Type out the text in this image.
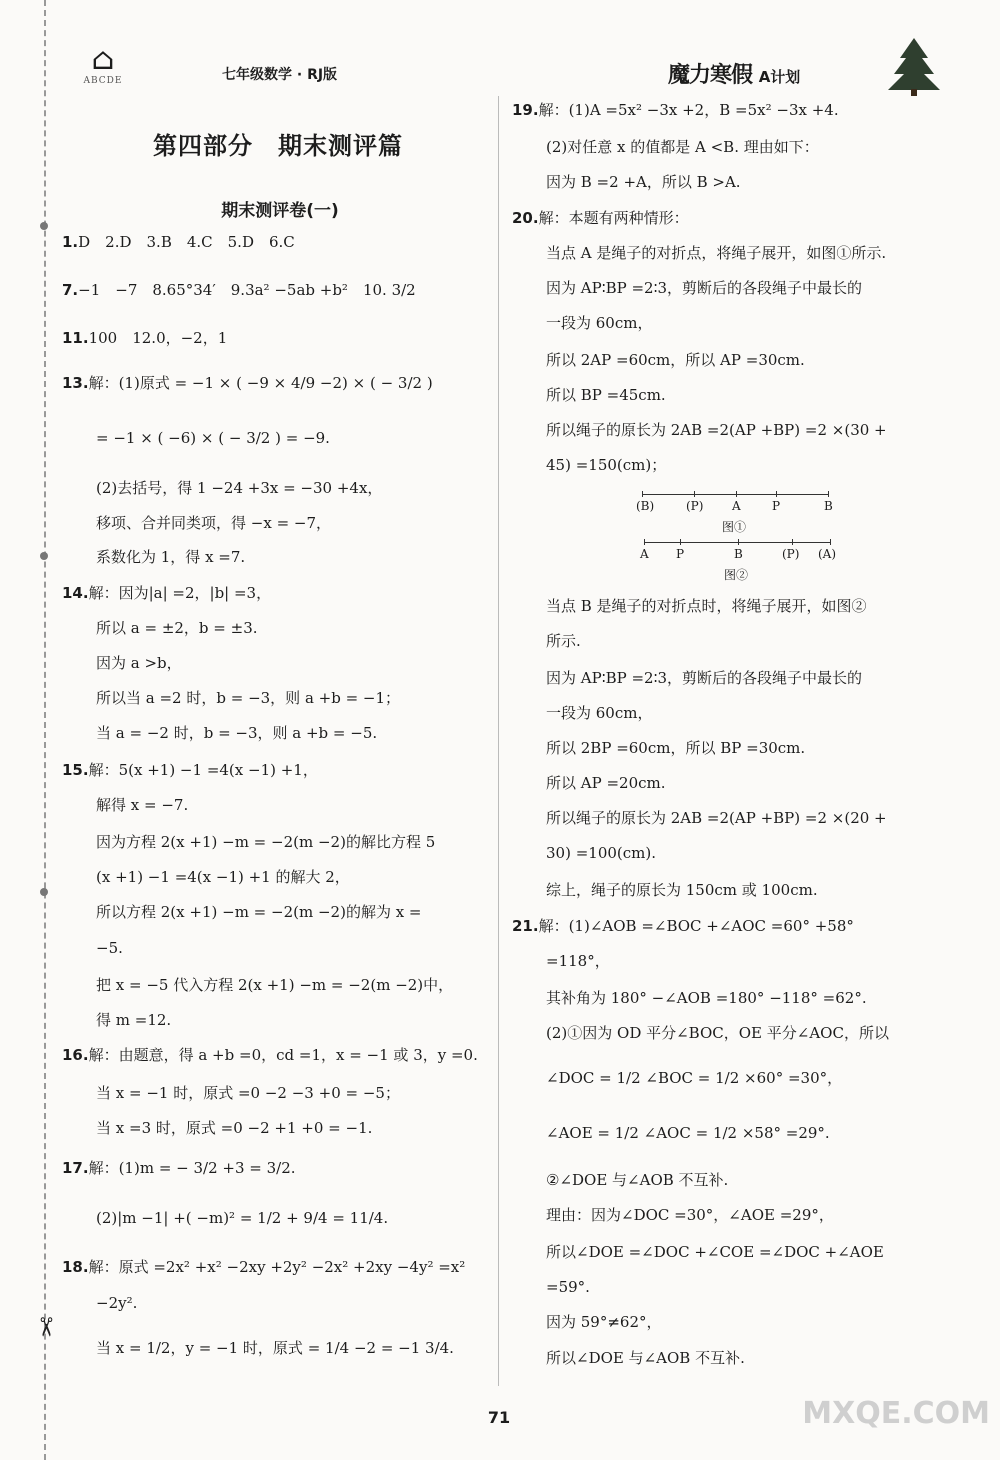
✂
⌂
ABCDE	七年级数学 · RJ版	魔力寒假 A计划
第四部分　期末测评篇
期末测评卷(一)
1.D　2.D　3.B　4.C　5.D　6.C
7.−1　−7　8.65°34′　9.3a² −5ab +b²　10. 3/2
11.100　12.0，−2，1
13.解：(1)原式 = −1 × ( −9 × 4/9 −2) × ( − 3/2 )
= −1 × ( −6) × ( − 3/2 ) = −9.
(2)去括号，得 1 −24 +3x = −30 +4x，
移项、合并同类项，得 −x = −7，
系数化为 1，得 x =7.
14.解：因为|a| =2，|b| =3，
所以 a = ±2，b = ±3.
因为 a >b，
所以当 a =2 时，b = −3，则 a +b = −1；
当 a = −2 时，b = −3，则 a +b = −5.
15.解：5(x +1) −1 =4(x −1) +1，
解得 x = −7.
因为方程 2(x +1) −m = −2(m −2)的解比方程 5
(x +1) −1 =4(x −1) +1 的解大 2，
所以方程 2(x +1) −m = −2(m −2)的解为 x =
−5.
把 x = −5 代入方程 2(x +1) −m = −2(m −2)中，
得 m =12.
16.解：由题意，得 a +b =0，cd =1，x = −1 或 3，y =0.
当 x = −1 时，原式 =0 −2 −3 +0 = −5；
当 x =3 时，原式 =0 −2 +1 +0 = −1.
17.解：(1)m = − 3/2 +3 = 3/2.
(2)|m −1| +( −m)² = 1/2 + 9/4 = 11/4.
18.解：原式 =2x² +x² −2xy +2y² −2x² +2xy −4y² =x²
−2y².
当 x = 1/2，y = −1 时，原式 = 1/4 −2 = −1 3/4.
19.解：(1)A =5x² −3x +2，B =5x² −3x +4.
(2)对任意 x 的值都是 A <B. 理由如下：
因为 B =2 +A，所以 B >A.
20.解：本题有两种情形：
当点 A 是绳子的对折点，将绳子展开，如图①所示.
因为 AP∶BP =2∶3，剪断后的各段绳子中最长的
一段为 60cm，
所以 2AP =60cm，所以 AP =30cm.
所以 BP =45cm.
所以绳子的原长为 2AB =2(AP +BP) =2 ×(30 +
45) =150(cm)；
当点 B 是绳子的对折点时，将绳子展开，如图②
所示.
因为 AP∶BP =2∶3，剪断后的各段绳子中最长的
一段为 60cm，
所以 2BP =60cm，所以 BP =30cm.
所以 AP =20cm.
所以绳子的原长为 2AB =2(AP +BP) =2 ×(20 +
30) =100(cm).
综上，绳子的原长为 150cm 或 100cm.
21.解：(1)∠AOB =∠BOC +∠AOC =60° +58°
=118°，
其补角为 180° −∠AOB =180° −118° =62°.
(2)①因为 OD 平分∠BOC，OE 平分∠AOC，所以
∠DOC = 1/2 ∠BOC = 1/2 ×60° =30°，
∠AOE = 1/2 ∠AOC = 1/2 ×58° =29°.
②∠DOE 与∠AOB 不互补.
理由：因为∠DOC =30°，∠AOE =29°，
所以∠DOE =∠DOC +∠COE =∠DOC +∠AOE
=59°.
因为 59°≠62°，
所以∠DOE 与∠AOB 不互补.
(B)	(P) A	P	B
图①
A P	B	(P) (A)
图②
71	MXQE.COM
